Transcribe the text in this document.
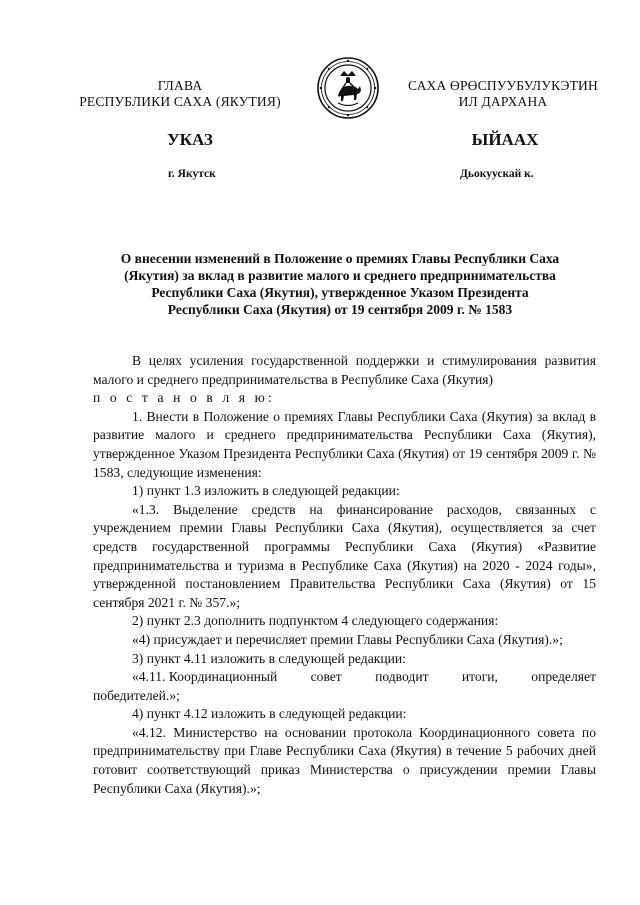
ГЛАВА
РЕСПУБЛИКИ САХА (ЯКУТИЯ)
САХА ӨРӨСПУУБУЛУКЭТИН
ИЛ ДАРХАНА
УКАЗ	ЫЙААХ
г. Якутск	Дьокуускай к.
О внесении изменений в Положение о премиях Главы Республики Саха
(Якутия) за вклад в развитие малого и среднего предпринимательства
Республики Саха (Якутия), утвержденное Указом Президента
Республики Саха (Якутия) от 19 сентября 2009 г. № 1583

В целях усиления государственной поддержки и стимулирования развития малого и среднего предпринимательства в Республике Саха (Якутия)

п о с т а н о в л я ю:

1. Внести в Положение о премиях Главы Республики Саха (Якутия) за вклад в развитие малого и среднего предпринимательства Республики Саха (Якутия), утвержденное Указом Президента Республики Саха (Якутия) от 19 сентября 2009 г. № 1583, следующие изменения:

1) пункт 1.3 изложить в следующей редакции:

«1.3. Выделение средств на финансирование расходов, связанных с учреждением премии Главы Республики Саха (Якутия), осуществляется за счет средств государственной программы Республики Саха (Якутия) «Развитие предпринимательства и туризма в Республике Саха (Якутия) на 2020 - 2024 годы», утвержденной постановлением Правительства Республики Саха (Якутия) от 15 сентября 2021 г. № 357.»;

2) пункт 2.3 дополнить подпунктом 4 следующего содержания:

«4) присуждает и перечисляет премии Главы Республики Саха (Якутия).»;

3) пункт 4.11 изложить в следующей редакции:

«4.11. Координационный совет подводит итоги, определяет

победителей.»;

4) пункт 4.12 изложить в следующей редакции:

«4.12. Министерство на основании протокола Координационного совета по предпринимательству при Главе Республики Саха (Якутия) в течение 5 рабочих дней готовит соответствующий приказ Министерства о присуждении премии Главы Республики Саха (Якутия).»;
